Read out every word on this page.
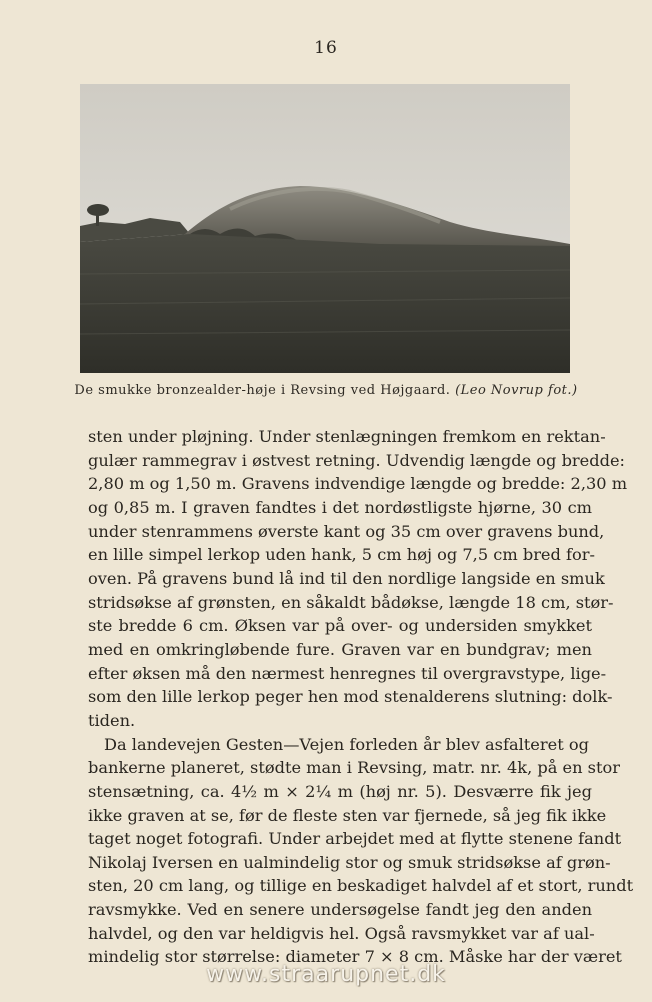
16
De smukke bronzealder-høje i Revsing ved Højgaard. (Leo Novrup fot.)
sten under pløjning. Under stenlægningen fremkom en rektan-
gulær rammegrav i østvest retning. Udvendig længde og bredde:
2,80 m og 1,50 m. Gravens indvendige længde og bredde: 2,30 m
og 0,85 m. I graven fandtes i det nordøstligste hjørne, 30 cm
under stenrammens øverste kant og 35 cm over gravens bund,
en lille simpel lerkop uden hank, 5 cm høj og 7,5 cm bred for-
oven. På gravens bund lå ind til den nordlige langside en smuk
stridsøkse af grønsten, en såkaldt bådøkse, længde 18 cm, stør-
ste bredde 6 cm. Øksen var på over- og undersiden smykket
med en omkringløbende fure. Graven var en bundgrav; men
efter øksen må den nærmest henregnes til overgravstype, lige-
som den lille lerkop peger hen mod stenalderens slutning: dolk-
tiden.
Da landevejen Gesten—Vejen forleden år blev asfalteret og
bankerne planeret, stødte man i Revsing, matr. nr. 4k, på en stor
stensætning, ca. 4½ m × 2¼ m (høj nr. 5). Desværre fik jeg
ikke graven at se, før de fleste sten var fjernede, så jeg fik ikke
taget noget fotografi. Under arbejdet med at flytte stenene fandt
Nikolaj Iversen en ualmindelig stor og smuk stridsøkse af grøn-
sten, 20 cm lang, og tillige en beskadiget halvdel af et stort, rundt
ravsmykke. Ved en senere undersøgelse fandt jeg den anden
halvdel, og den var heldigvis hel. Også ravsmykket var af ual-
mindelig stor størrelse: diameter 7 × 8 cm. Måske har der været
www.straarupnet.dk
